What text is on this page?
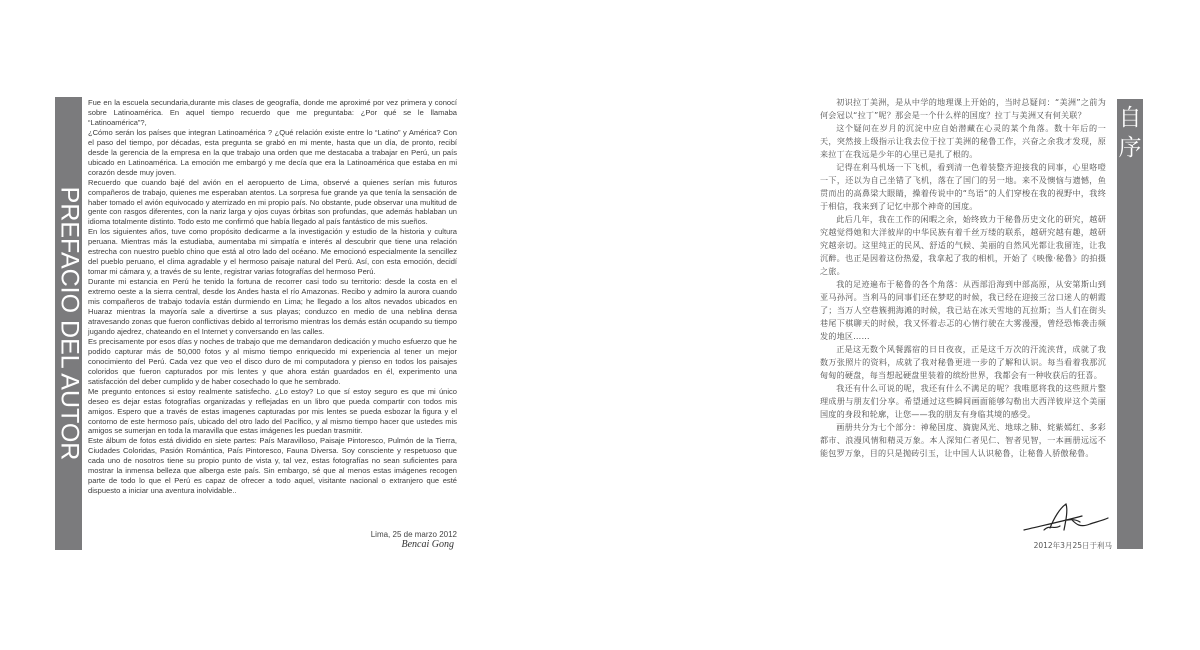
PREFACIO DEL AUTOR

Fue en la escuela secundaria,durante mis clases de geografía, donde me aproximé por vez primera y conocí sobre Latinoamérica. En aquel tiempo recuerdo que me preguntaba: ¿Por qué se le llamaba “Latinoamérica”?,

¿Cómo serán los países que integran Latinoamérica ? ¿Qué relación existe entre lo “Latino” y América? Con el paso del tiempo, por décadas, esta pregunta se grabó en mi mente, hasta que un día, de pronto, recibí desde la gerencia de la empresa en la que trabajo una orden que me destacaba a trabajar en Perú, un país ubicado en Latinoamérica. La emoción me embargó y me decía que era la Latinoamérica que estaba en mi corazón desde muy joven.

Recuerdo que cuando bajé del avión en el aeropuerto de Lima, observé a quienes serían mis futuros compañeros de trabajo, quienes me esperaban atentos. La sorpresa fue grande ya que tenía la sensación de haber tomado el avión equivocado y aterrizado en mi propio país. No obstante, pude observar una multitud de gente con rasgos diferentes, con la nariz larga y ojos cuyas órbitas son profundas, que además hablaban un idioma totalmente distinto. Todo esto me confirmó que había llegado al país fantástico de mis sueños.

En los siguientes años, tuve como propósito dedicarme a la investigación y estudio de la historia y cultura peruana. Mientras más la estudiaba, aumentaba mi simpatía e interés al descubrir que tiene una relación estrecha con nuestro pueblo chino que está al otro lado del océano. Me emocionó especialmente la sencillez del pueblo peruano, el clima agradable y el hermoso paisaje natural del Perú. Así, con esta emoción, decidí tomar mi cámara y, a través de su lente, registrar varias fotografías del hermoso Perú.

Durante mi estancia en Perú he tenido la fortuna de recorrer casi todo su territorio: desde la costa en el extremo oeste a la sierra central, desde los Andes hasta el río Amazonas. Recibo y admiro la aurora cuando mis compañeros de trabajo todavía están durmiendo en Lima; he llegado a los altos nevados ubicados en Huaraz mientras la mayoría sale a divertirse a sus playas; conduzco en medio de una neblina densa atravesando zonas que fueron conflictivas debido al terrorismo mientras los demás están ocupando su tiempo jugando ajedrez, chateando en el Internet y conversando en las calles.

Es precisamente por esos días y noches de trabajo que me demandaron dedicación y mucho esfuerzo que he podido capturar más de 50,000 fotos y al mismo tiempo enriquecido mi experiencia al tener un mejor conocimiento del Perú. Cada vez que veo el disco duro de mi computadora y pienso en todos los paisajes coloridos que fueron capturados por mis lentes y que ahora están guardados en él, experimento una satisfacción del deber cumplido y de haber cosechado lo que he sembrado.

Me pregunto entonces si estoy realmente satisfecho. ¿Lo estoy? Lo que sí estoy seguro es que mi único deseo es dejar estas fotografías organizadas y reflejadas en un libro que pueda compartir con todos mis amigos. Espero que a través de estas imagenes capturadas por mis lentes se pueda esbozar la figura y el contorno de este hermoso país, ubicado del otro lado del Pacífico, y al mismo tiempo hacer que ustedes mis amigos se sumerjan en toda la maravilla que estas imágenes les puedan trasmitir.

Este álbum de fotos está dividido en siete partes: País Maravilloso, Paisaje Pintoresco, Pulmón de la Tierra, Ciudades Coloridas, Pasión Romántica, País Pintoresco, Fauna Diversa. Soy consciente y respetuoso que cada uno de nosotros tiene su propio punto de vista y, tal vez, estas fotografías no sean suficientes para mostrar la inmensa belleza que alberga este país. Sin embargo, sé que al menos estas imágenes recogen parte de todo lo que el Perú es capaz de ofrecer a todo aquel, visitante nacional o extranjero que esté dispuesto a iniciar una aventura inolvidable..

Lima, 25 de marzo 2012
Bencai Gong

初识拉丁美洲，是从中学的地理课上开始的，当时总疑问：“美洲”之前为何会冠以“拉丁”呢？那会是一个什么样的国度？拉丁与美洲又有何关联？

这个疑问在岁月的沉淀中应自始潜藏在心灵的某个角落。数十年后的一天，突然接上级指示让我去位于拉丁美洲的秘鲁工作，兴奋之余我才发现，原来拉丁在我远是少年的心里已是扎了根的。

记得在利马机场一下飞机，看到清一色着装整齐迎接我的同事，心里咯噔一下，还以为自己坐错了飞机，落在了国门的另一地。来不及懊恼与遗憾，鱼贯而出的高鼻梁大眼睛，操着传说中的“鸟语”的人们穿梭在我的视野中，我终于相信，我来到了记忆中那个神奇的国度。

此后几年，我在工作的闲暇之余，始终致力于秘鲁历史文化的研究，越研究越觉得她和大洋彼岸的中华民族有着千丝万缕的联系，越研究越有趣，越研究越亲切。这里纯正的民风、舒适的气候、美丽的自然风光都让我留连，让我沉醉。也正是因着这份热爱，我拿起了我的相机，开始了《映像·秘鲁》的拍摄之旅。

我的足迹遍布于秘鲁的各个角落：从西部沿海到中部高原，从安第斯山到亚马孙河。当利马的同事们还在梦呓的时候，我已经在迎接三岔口迷人的朝霞了；当万人空巷簇拥海滩的时候，我已站在冰天雪地的瓦拉斯；当人们在街头巷尾下棋聊天的时候，我又怀着忐忑的心情行驶在大雾漫漫，曾经恐怖袭击频发的地区……

正是这无数个风餐露宿的日日夜夜，正是这千万次的汗流浃背，成就了我数万张照片的资料，成就了我对秘鲁更进一步的了解和认识。每当看着我那沉甸甸的硬盘，每当想起硬盘里装着的缤纷世界，我都会有一种收获后的狂喜。

我还有什么可说的呢，我还有什么不满足的呢？我唯愿将我的这些照片整理成册与朋友们分享。希望通过这些瞬间画面能够勾勒出大西洋彼岸这个美丽国度的身段和轮廓，让您——我的朋友有身临其境的感受。

画册共分为七个部分：神秘国度、旖旎风光、地球之肺、姹紫嫣红、多彩都市、浪漫风情和精灵万象。本人深知仁者见仁、智者见智，一本画册远远不能包罗万象，目的只是抛砖引玉，让中国人认识秘鲁，让秘鲁人骄傲秘鲁。

2012年3月25日于利马
自
序
